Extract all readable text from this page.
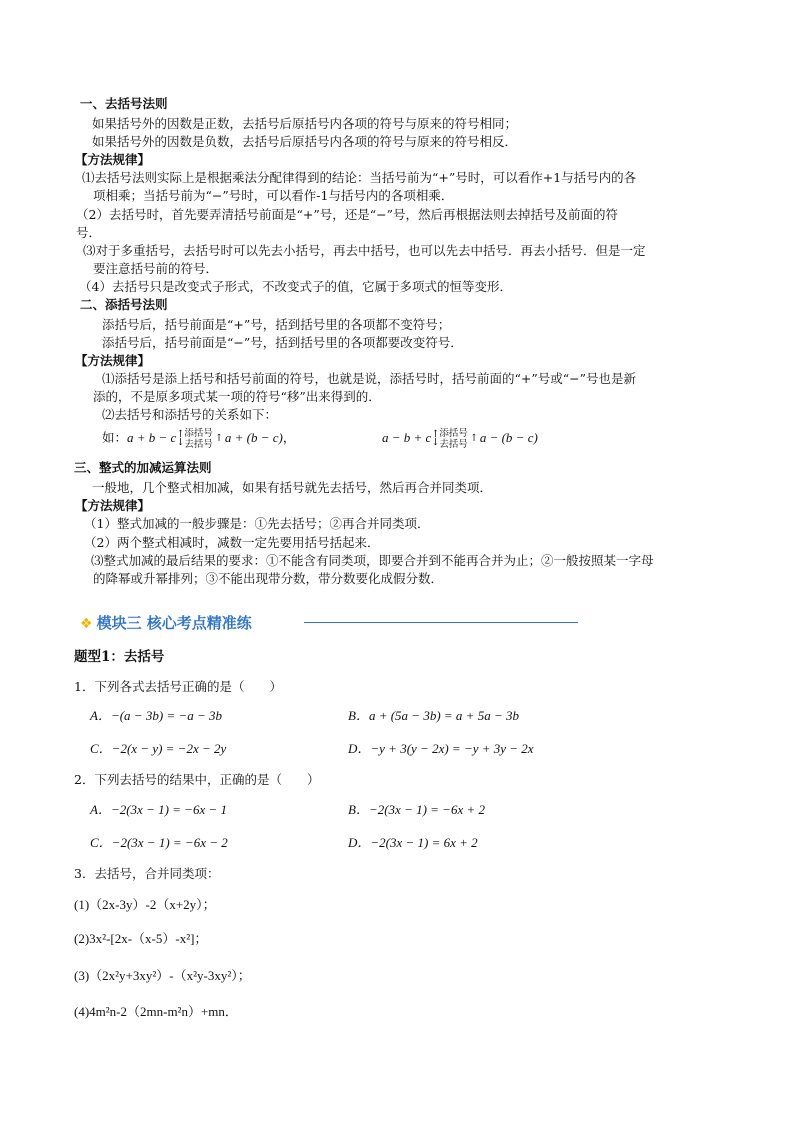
一、去括号法则
如果括号外的因数是正数，去括号后原括号内各项的符号与原来的符号相同；
如果括号外的因数是负数，去括号后原括号内各项的符号与原来的符号相反．
【方法规律】
⑴去括号法则实际上是根据乘法分配律得到的结论：当括号前为“+”号时，可以看作+1与括号内的各
项相乘；当括号前为“−”号时，可以看作-1与括号内的各项相乘．
（2）去括号时，首先要弄清括号前面是“+”号，还是“−”号，然后再根据法则去掉括号及前面的符
号．
⑶对于多重括号，去括号时可以先去小括号，再去中括号，也可以先去中括号．再去小括号．但是一定
要注意括号前的符号．
（4）去括号只是改变式子形式，不改变式子的值，它属于多项式的恒等变形．
二、添括号法则
添括号后，括号前面是“+”号，括到括号里的各项都不变符号；
添括号后，括号前面是“−”号，括到括号里的各项都要改变符号．
【方法规律】
⑴添括号是添上括号和括号前面的符号，也就是说，添括号时，括号前面的“+”号或“−”号也是新
添的，不是原多项式某一项的符号“移”出来得到的．
⑵去括号和添括号的关系如下：
如：a + b − c↑
↓
添括号
去括号
↑ a + (b − c)，	a − b + c↑
↓
添括号
去括号
↑ a − (b − c)
三、整式的加减运算法则
一般地，几个整式相加减，如果有括号就先去括号，然后再合并同类项．
【方法规律】
（1）整式加减的一般步骤是：①先去括号；②再合并同类项．
（2）两个整式相减时，减数一定先要用括号括起来．
⑶整式加减的最后结果的要求：①不能含有同类项，即要合并到不能再合并为止；②一般按照某一字母
的降幂或升幂排列；③不能出现带分数，带分数要化成假分数．
❖ 模块三 核心考点精准练
题型1：去括号
1．下列各式去括号正确的是（　　）
A．−(a − 3b) = −a − 3b	B．a + (5a − 3b) = a + 5a − 3b
C．−2(x − y) = −2x − 2y	D．−y + 3(y − 2x) = −y + 3y − 2x
2．下列去括号的结果中，正确的是（　　）
A．−2(3x − 1) = −6x − 1	B．−2(3x − 1) = −6x + 2
C．−2(3x − 1) = −6x − 2	D．−2(3x − 1) = 6x + 2
3．去括号，合并同类项：
(1)（2x-3y）-2（x+2y）；
(2)3x²-[2x-（x-5）-x²]；
(3)（2x²y+3xy²）-（x²y-3xy²）；
(4)4m²n-2（2mn-m²n）+mn．
